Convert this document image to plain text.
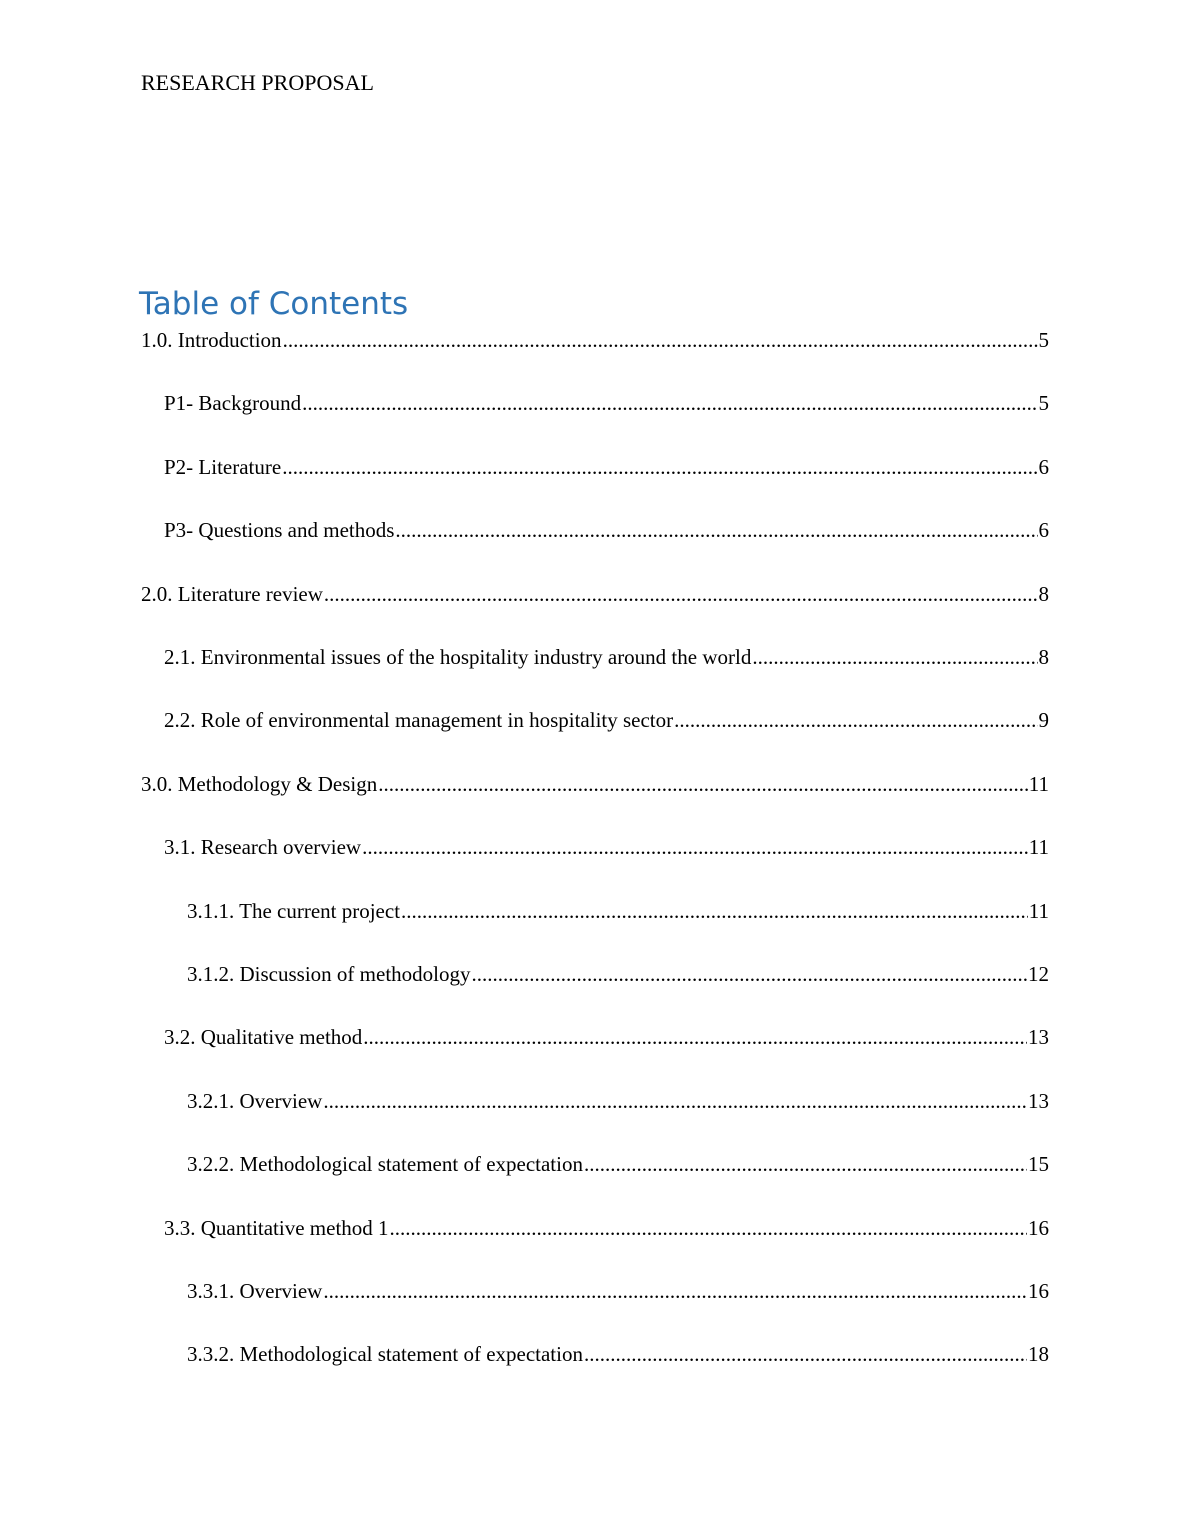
RESEARCH PROPOSAL
Table of Contents
1.0. Introduction .....	5
P1- Background .....	5
P2- Literature .....	6
P3- Questions and methods .....	6
2.0. Literature review .....	8
2.1. Environmental issues of the hospitality industry around the world .....	8
2.2. Role of environmental management in hospitality sector .....	9
3.0. Methodology & Design .....	11
3.1. Research overview .....	11
3.1.1. The current project .....	11
3.1.2. Discussion of methodology .....	12
3.2. Qualitative method .....	13
3.2.1. Overview .....	13
3.2.2. Methodological statement of expectation .....	15
3.3. Quantitative method 1 .....	16
3.3.1. Overview .....	16
3.3.2. Methodological statement of expectation .....	18
